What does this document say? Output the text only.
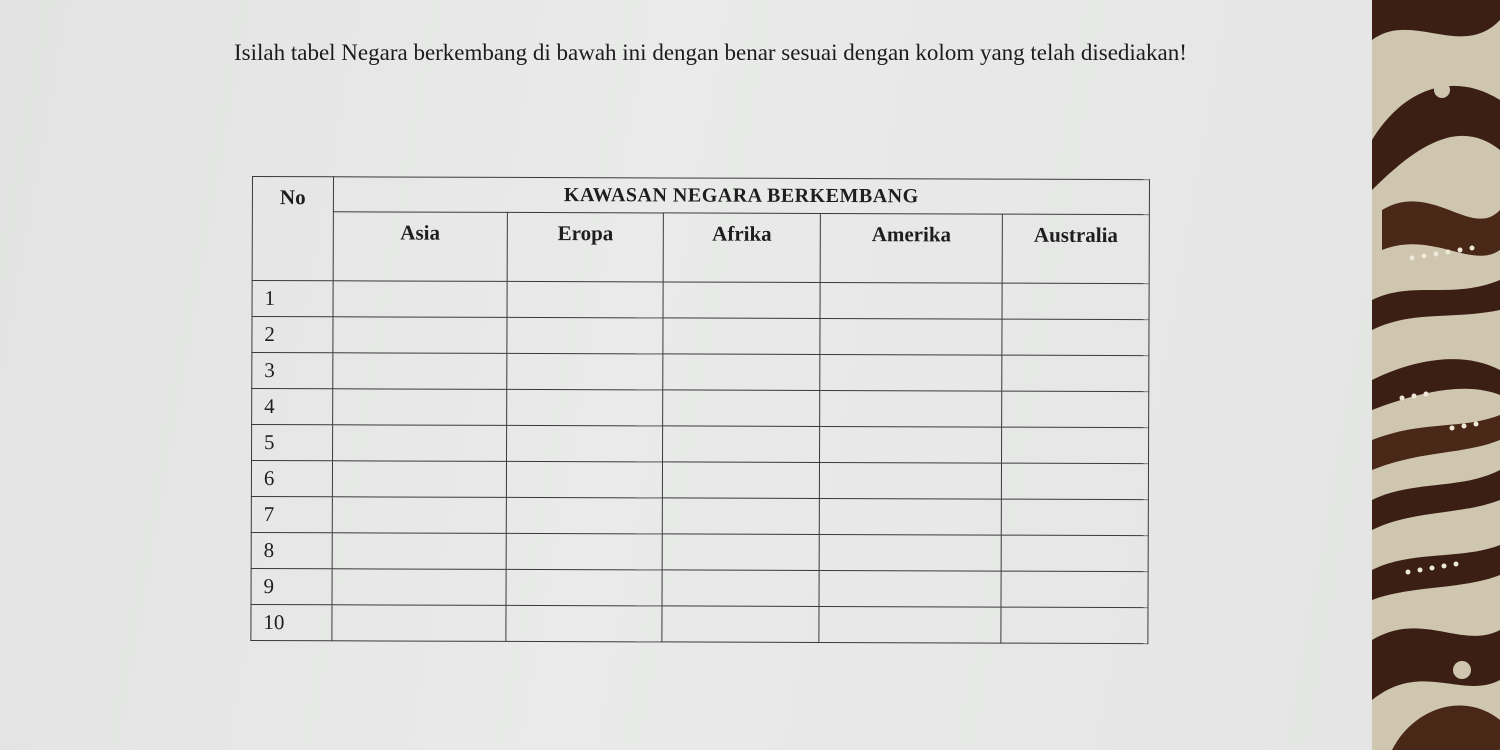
Isilah tabel Negara berkembang di bawah ini dengan benar sesuai dengan kolom yang telah disediakan!

No	KAWASAN NEGARA BERKEMBANG				
	Asia	Eropa	Afrika	Amerika	Australia
1					
2					
3					
4					
5					
6					
7					
8					
9					
10					
